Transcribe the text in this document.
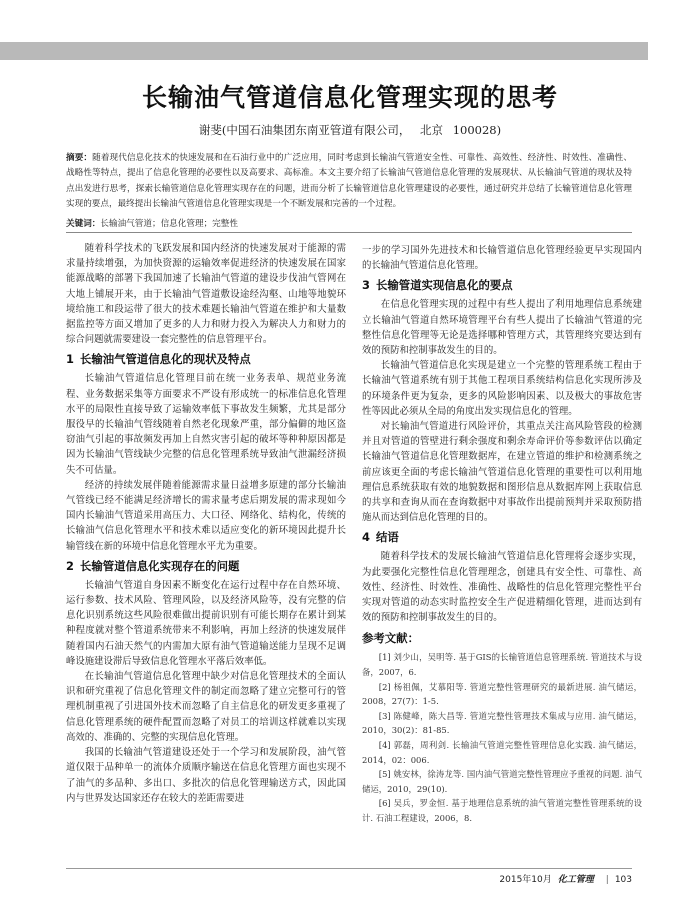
长输油气管道信息化管理实现的思考
谢斐(中国石油集团东南亚管道有限公司， 北京 100028)
摘要：随着现代信息化技术的快速发展和在石油行业中的广泛应用，同时考虑到长输油气管道安全性、可靠性、高效性、经济性、时效性、准确性、战略性等特点，提出了信息化管理的必要性以及高要求、高标准。本文主要介绍了长输油气管道信息化管理的发展现状、从长输油气管道的现状及特点出发进行思考，探索长输管道信息化管理实现存在的问题，进而分析了长输管道信息化管理建设的必要性，通过研究并总结了长输管道信息化管理实现的要点，最终提出长输油气管道信息化管理实现是一个不断发展和完善的一个过程。
关键词：长输油气管道；信息化管理；完整性

随着科学技术的飞跃发展和国内经济的快速发展对于能源的需求量持续增强，为加快资源的运输效率促进经济的快速发展在国家能源战略的部署下我国加速了长输油气管道的建设步伐油气管网在大地上铺展开来，由于长输油气管道敷设途经沟壑、山地等地貌环境给施工和段运带了很大的技术难题长输油气管道在维护和大量数据监控等方面又增加了更多的人力和财力投入为解决人力和财力的综合问题就需要建设一套完整性的信息管理平台。

1 长输油气管道信息化的现状及特点

长输油气管道信息化管理目前在统一业务表单、规范业务流程、业务数据采集等方面要求不严设有形成统一的标准信息化管理水平的局限性直接导致了运输效率低下事故发生频繁，尤其是部分服役早的长输油气管线随着自然老化现象严重，部分偏僻的地区盗窃油气引起的事故频发再加上自然灾害引起的破坏等种种原因都是因为长输油气管线缺少完整的信息化管理系统导致油气泄漏经济损失不可估量。

经济的持续发展伴随着能源需求量日益增多原建的部分长输油气管线已经不能满足经济增长的需求量考虑后期发展的需求现如今国内长输油气管道采用高压力、大口径、网络化、结构化，传统的长输油气信息化管理水平和技术难以适应变化的新环境因此提升长输管线在新的环境中信息化管理水平尤为重要。

2 长输管道信息化实现存在的问题

长输油气管道自身因素不断变化在运行过程中存在自然环境、运行参数、技术风险、管理风险，以及经济风险等，没有完整的信息化识别系统这些风险很难做出提前识别有可能长期存在累计到某种程度就对整个管道系统带来不利影响，再加上经济的快速发展伴随着国内石油天然气的内需加大原有油气管道输送能力呈现不足调峰设施建设滞后导致信息化管理水平落后效率低。

在长输油气管道信息化管理中缺少对信息化管理技术的全面认识和研究重视了信息化管理文件的制定而忽略了建立完整可行的管理机制重视了引进国外技术而忽略了自主信息化的研发更多重视了信息化管理系统的硬件配置而忽略了对员工的培训这样就难以实现高效的、准确的、完整的实现信息化管理。

我国的长输油气管道建设还处于一个学习和发展阶段，油气管道仅限于品种单一的流体介质顺序输送在信息化管理方面也实现不了油气的多品种、多出口、多批次的信息化管理输送方式，因此国内与世界发达国家还存在较大的差距需要进

一步的学习国外先进技术和长输管道信息化管理经验更早实现国内的长输油气管道信息化管理。

3 长输管道实现信息化的要点

在信息化管理实现的过程中有些人提出了利用地理信息系统建立长输油气管道自然环境管理平台有些人提出了长输油气管道的完整性信息化管理等无论是选择哪种管理方式，其管理终究要达到有效的预防和控制事故发生的目的。

长输油气管道信息化实现是建立一个完整的管理系统工程由于长输油气管道系统有别于其他工程项目系统结构信息化实现所涉及的环境条件更为复杂，更多的风险影响因素、以及极大的事故危害性等因此必须从全局的角度出发实现信息化的管理。

对长输油气管道进行风险评价，其重点关注高风险管段的检测并且对管道的管壁进行剩余强度和剩余寿命评价等参数评估以确定长输油气管道信息化管理数据库，在建立管道的维护和检测系统之前应该更全面的考虑长输油气管道信息化管理的重要性可以利用地理信息系统获取有效的地貌数据和图形信息从数据库网上获取信息的共享和查询从而在查询数据中对事故作出提前预判并采取预防措施从而达到信息化管理的目的。

4 结语

随着科学技术的发展长输油气管道信息化管理将会逐步实现，为此要强化完整性信息化管理理念，创建具有安全性、可靠性、高效性、经济性、时效性、准确性、战略性的信息化管理完整性平台实现对管道的动态实时监控安全生产促进精细化管理，进而达到有效的预防和控制事故发生的目的。

参考文献：

[1] 刘少山，吴明等. 基于GIS的长输管道信息管理系统. 管道技术与设备，2007，6.

[2] 杨祖佩，艾慕阳等. 管道完整性管理研究的最新进展. 油气储运，2008，27(7)：1-5.

[3] 陈健峰，陈大昌等. 管道完整性管理技术集成与应用. 油气储运，2010，30(2)：81-85.

[4] 郭磊，周利剑. 长输油气管道完整性管理信息化实践. 油气储运，2014，02：006.

[5] 姚安林，徐涛龙等. 国内油气管道完整性管理应予重视的问题. 油气储运，2010，29(10).

[6] 吴兵，罗金恒. 基于地理信息系统的油气管道完整性管理系统的设计. 石油工程建设，2006，8.

2015年10月 化工管理 | 103
